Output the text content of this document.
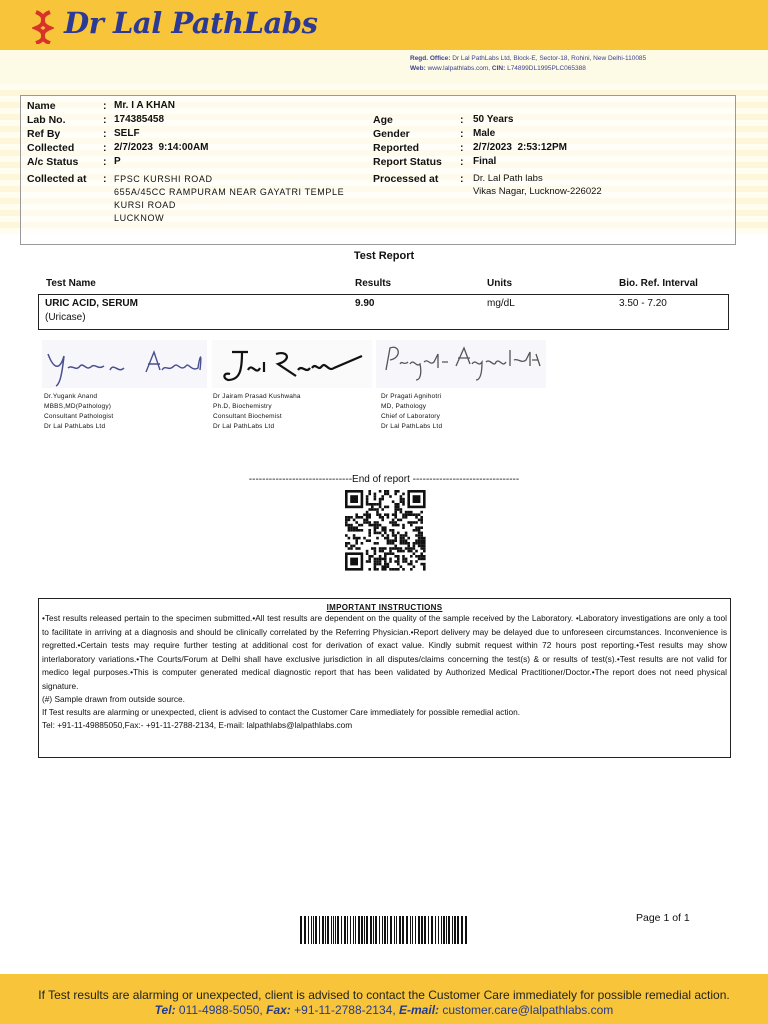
Dr Lal PathLabs
Regd. Office: Dr Lal PathLabs Ltd, Block-E, Sector-18, Rohini, New Delhi-110085
Web: www.lalpathlabs.com, CIN: L74899DL1995PLC065388
Name	: Mr. I A KHAN
Lab No.	: 174385458
Ref By	: SELF
Collected	: 2/7/2023  9:14:00AM
A/c Status : P
Collected at : FPSC KURSHI ROAD
655A/45CC RAMPURAM NEAR GAYATRI TEMPLE
KURSI ROAD
LUCKNOW
Age	: 50 Years
Gender	: Male
Reported	: 2/7/2023  2:53:12PM
Report Status : Final
Processed at : Dr. Lal Path labs
Vikas Nagar, Lucknow-226022
Test Report
Test Name	Results	Units	Bio. Ref. Interval
URIC ACID, SERUM
(Uricase)
9.90	mg/dL	3.50 - 7.20
Dr.Yugank Anand
MBBS,MD(Pathology)
Consultant Pathologist
Dr Lal PathLabs Ltd
Dr Jairam Prasad Kushwaha
Ph.D, Biochemistry
Consultant Biochemist
Dr Lal PathLabs Ltd
Dr Pragati Agnihotri
MD, Pathology
Chief of Laboratory
Dr Lal PathLabs Ltd
-------------------------------End of report --------------------------------
IMPORTANT INSTRUCTIONS
•Test results released pertain to the specimen submitted.•All test results are dependent on the quality of the sample received by the Laboratory. •Laboratory investigations are only a tool to facilitate in arriving at a diagnosis and should be clinically correlated by the Referring Physician.•Report delivery may be delayed due to unforeseen circumstances. Inconvenience is regretted.•Certain tests may require further testing at additional cost for derivation of exact value. Kindly submit request within 72 hours post reporting.•Test results may show interlaboratory variations.•The Courts/Forum at Delhi shall have exclusive jurisdiction in all disputes/claims concerning the test(s) & or results of test(s).•Test results are not valid for medico legal purposes.•This is computer generated medical diagnostic report that has been validated by Authorized Medical Practitioner/Doctor.•The report does not need physical signature.
(#) Sample drawn from outside source.
If Test results are alarming or unexpected, client is advised to contact the Customer Care immediately for possible remedial action.
Tel: +91-11-49885050,Fax:- +91-11-2788-2134, E-mail: lalpathlabs@lalpathlabs.com
Page 1 of 1
If Test results are alarming or unexpected, client is advised to contact the Customer Care immediately for possible remedial action.
Tel: 011-4988-5050, Fax: +91-11-2788-2134, E-mail: customer.care@lalpathlabs.com
